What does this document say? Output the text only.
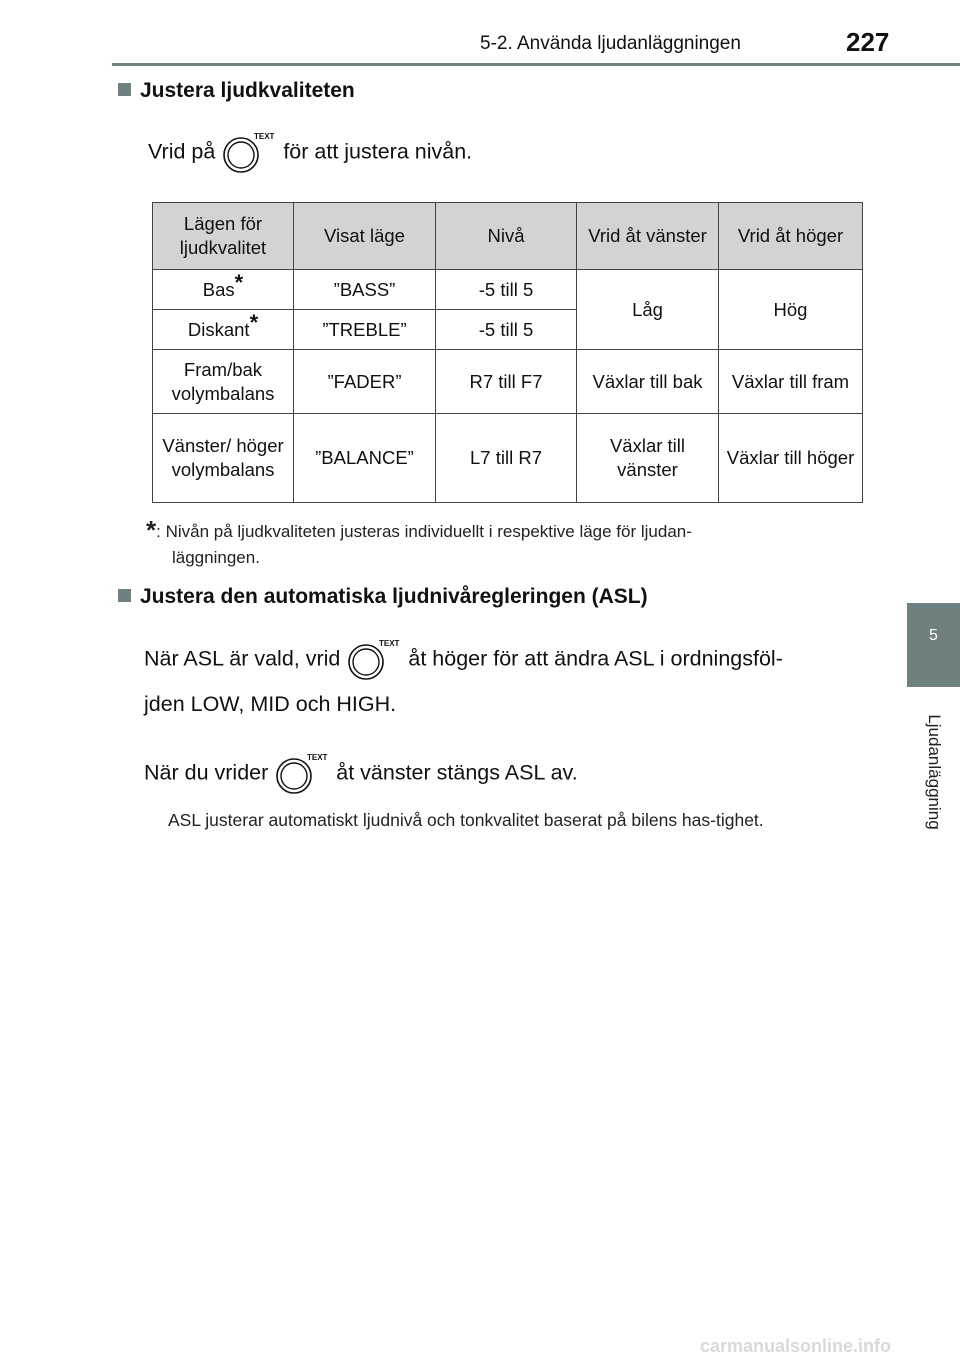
5-2. Använda ljudanläggningen	227
5
Ljudanläggning
Justera ljudkvaliteten
Vrid på
TEXT
för att justera nivån.
Lägen för ljudkvalitet	Visat läge	Nivå	Vrid åt vänster	Vrid åt höger
Bas*	”BASS”	-5 till 5	Låg	Hög
Diskant*	”TREBLE”	-5 till 5		
Fram/bak volymbalans	”FADER”	R7 till F7	Växlar till bak	Växlar till fram
Vänster/ höger volymbalans	”BALANCE”	L7 till R7	Växlar till vänster	Växlar till höger
*: Nivån på ljudkvaliteten justeras individuellt i respektive läge för ljudan-
läggningen.
Justera den automatiska ljudnivåregleringen (ASL)
När ASL är vald, vrid
TEXT
åt höger för att ändra ASL i ordningsföl-
jden LOW, MID och HIGH.
När du vrider
TEXT
åt vänster stängs ASL av.
ASL justerar automatiskt ljudnivå och tonkvalitet baserat på bilens has-tighet.
carmanualsonline.info
